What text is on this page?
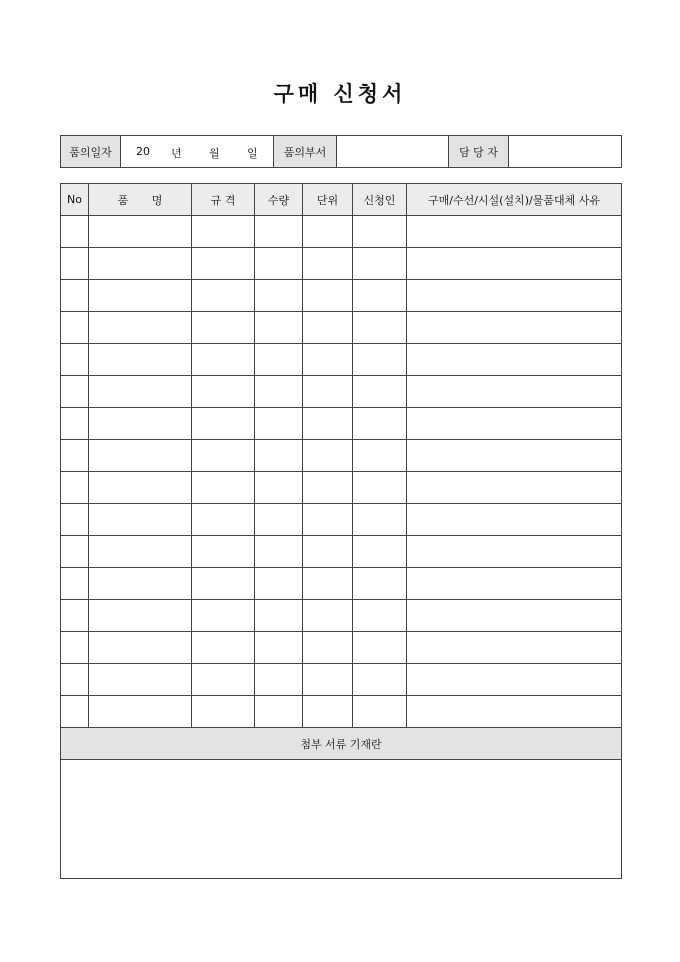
구매 신청서
품의일자	20 년 월 일	품의부서		담 당 자	
No	품 명	규 격	수량	단위	신청인	구매/수선/시설(설치)/물품대체 사유

첨부 서류 기재란						
